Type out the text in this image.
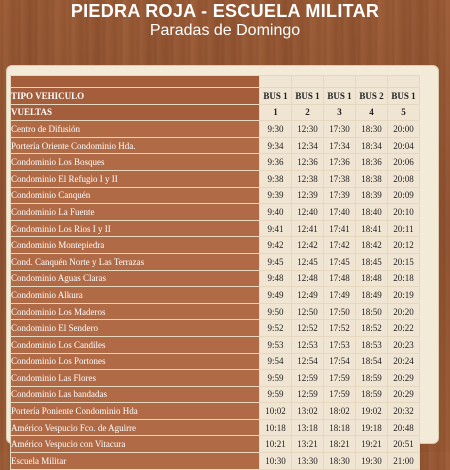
PIEDRA ROJA - ESCUELA MILITAR
Paradas de Domingo

TIPO VEHICULO	BUS 1	BUS 1	BUS 1	BUS 2	BUS 1
VUELTAS	1	2	3	4	5
Centro de Difusión	9:30	12:30	17:30	18:30	20:00
Portería Oriente Condominio Hda.	9:34	12:34	17:34	18:34	20:04
Condominio Los Bosques	9:36	12:36	17:36	18:36	20:06
Condominio El Refugio I y II	9:38	12:38	17:38	18:38	20:08
Condominio Canquén	9:39	12:39	17:39	18:39	20:09
Condominio La Fuente	9:40	12:40	17:40	18:40	20:10
Condominio Los Ríos I y II	9:41	12:41	17:41	18:41	20:11
Condominio Montepiedra	9:42	12:42	17:42	18:42	20:12
Cond. Canquén Norte y Las Terrazas	9:45	12:45	17:45	18:45	20:15
Condominio Aguas Claras	9:48	12:48	17:48	18:48	20:18
Condominio Alkura	9:49	12:49	17:49	18:49	20:19
Condominio Los Maderos	9:50	12:50	17:50	18:50	20:20
Condominio El Sendero	9:52	12:52	17:52	18:52	20:22
Condominio Los Candiles	9:53	12:53	17:53	18:53	20:23
Condominio Los Portones	9:54	12:54	17:54	18:54	20:24
Condominio Las Flores	9:59	12:59	17:59	18:59	20:29
Condominio Las bandadas	9:59	12:59	17:59	18:59	20:29
Portería Poniente Condominio Hda	10:02	13:02	18:02	19:02	20:32
Américo Vespucio Fco. de Aguirre	10:18	13:18	18:18	19:18	20:48
Américo Vespucio con Vitacura	10:21	13:21	18:21	19:21	20:51
Escuela Militar	10:30	13:30	18:30	19:30	21:00
